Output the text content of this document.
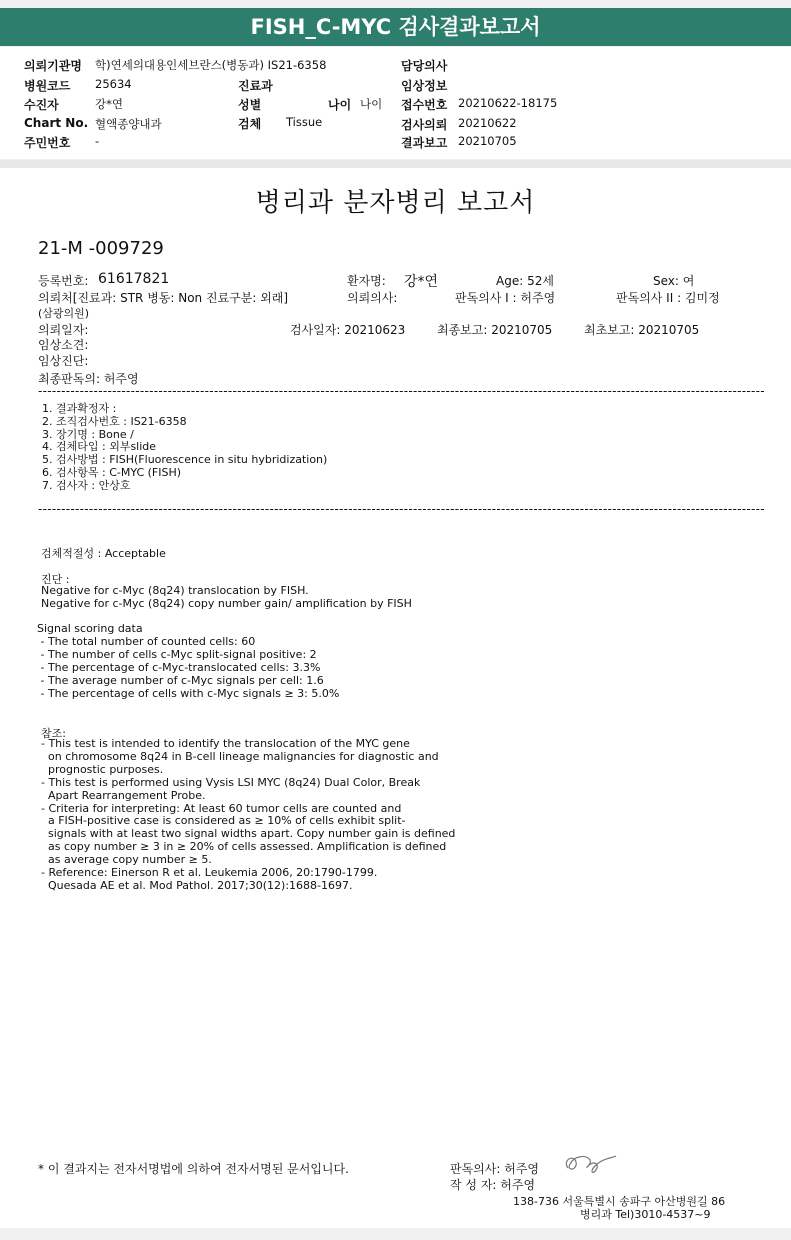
FISH_C-MYC 검사결과보고서
의뢰기관명 학)연세의대용인세브란스(병동과) IS21-6358
병원코드 25634
수진자	강*연
Chart No. 혈액종양내과
주민번호 -
진료과
성별	나이 나이
검체 Tissue
담당의사
임상정보
접수번호 20210622-18175
검사의뢰 20210622
결과보고 20210705
병리과 분자병리 보고서
21-M -009729
등록번호: 61617821	환자명: 강*연	Age: 52세	Sex: 여
의뢰처[진료과: STR 병동: Non 진료구분: 외래]	의뢰의사:	판독의사 I : 허주영	판독의사 II : 김미정
(삼광의원)
의뢰일자:	검사일자: 20210623	최종보고: 20210705	최초보고: 20210705
임상소견:
임상진단:
최종판독의: 허주영
-------------------------------------------------------------------------------------------------------------------------------------------------------------
1. 결과확정자 :
2. 조직검사번호 : IS21-6358
3. 장기명 : Bone /
4. 검체타입 : 외부slide
5. 검사방법 : FISH(Fluorescence in situ hybridization)
6. 검사항목 : C-MYC (FISH)
7. 검사자 : 안상호
-------------------------------------------------------------------------------------------------------------------------------------------------------------
검체적절성 : Acceptable
진단 :
Negative for c-Myc (8q24) translocation by FISH.
Negative for c-Myc (8q24) copy number gain/ amplification by FISH
Signal scoring data
- The total number of counted cells: 60
- The number of cells c-Myc split-signal positive: 2
- The percentage of c-Myc-translocated cells: 3.3%
- The average number of c-Myc signals per cell: 1.6
- The percentage of cells with c-Myc signals ≥ 3: 5.0%
참조:
- This test is intended to identify the translocation of the MYC gene
on chromosome 8q24 in B-cell lineage malignancies for diagnostic and
prognostic purposes.
- This test is performed using Vysis LSI MYC (8q24) Dual Color, Break
Apart Rearrangement Probe.
- Criteria for interpreting: At least 60 tumor cells are counted and
a FISH-positive case is considered as ≥ 10% of cells exhibit split-
signals with at least two signal widths apart. Copy number gain is defined
as copy number ≥ 3 in ≥ 20% of cells assessed. Amplification is defined
as average copy number ≥ 5.
- Reference: Einerson R et al. Leukemia 2006, 20:1790-1799.
Quesada AE et al. Mod Pathol. 2017;30(12):1688-1697.
* 이 결과지는 전자서명법에 의하여 전자서명된 문서입니다.	판독의사: 허주영
작 성 자: 허주영
138-736 서울특별시 송파구 아산병원길 86
병리과 Tel)3010-4537~9
